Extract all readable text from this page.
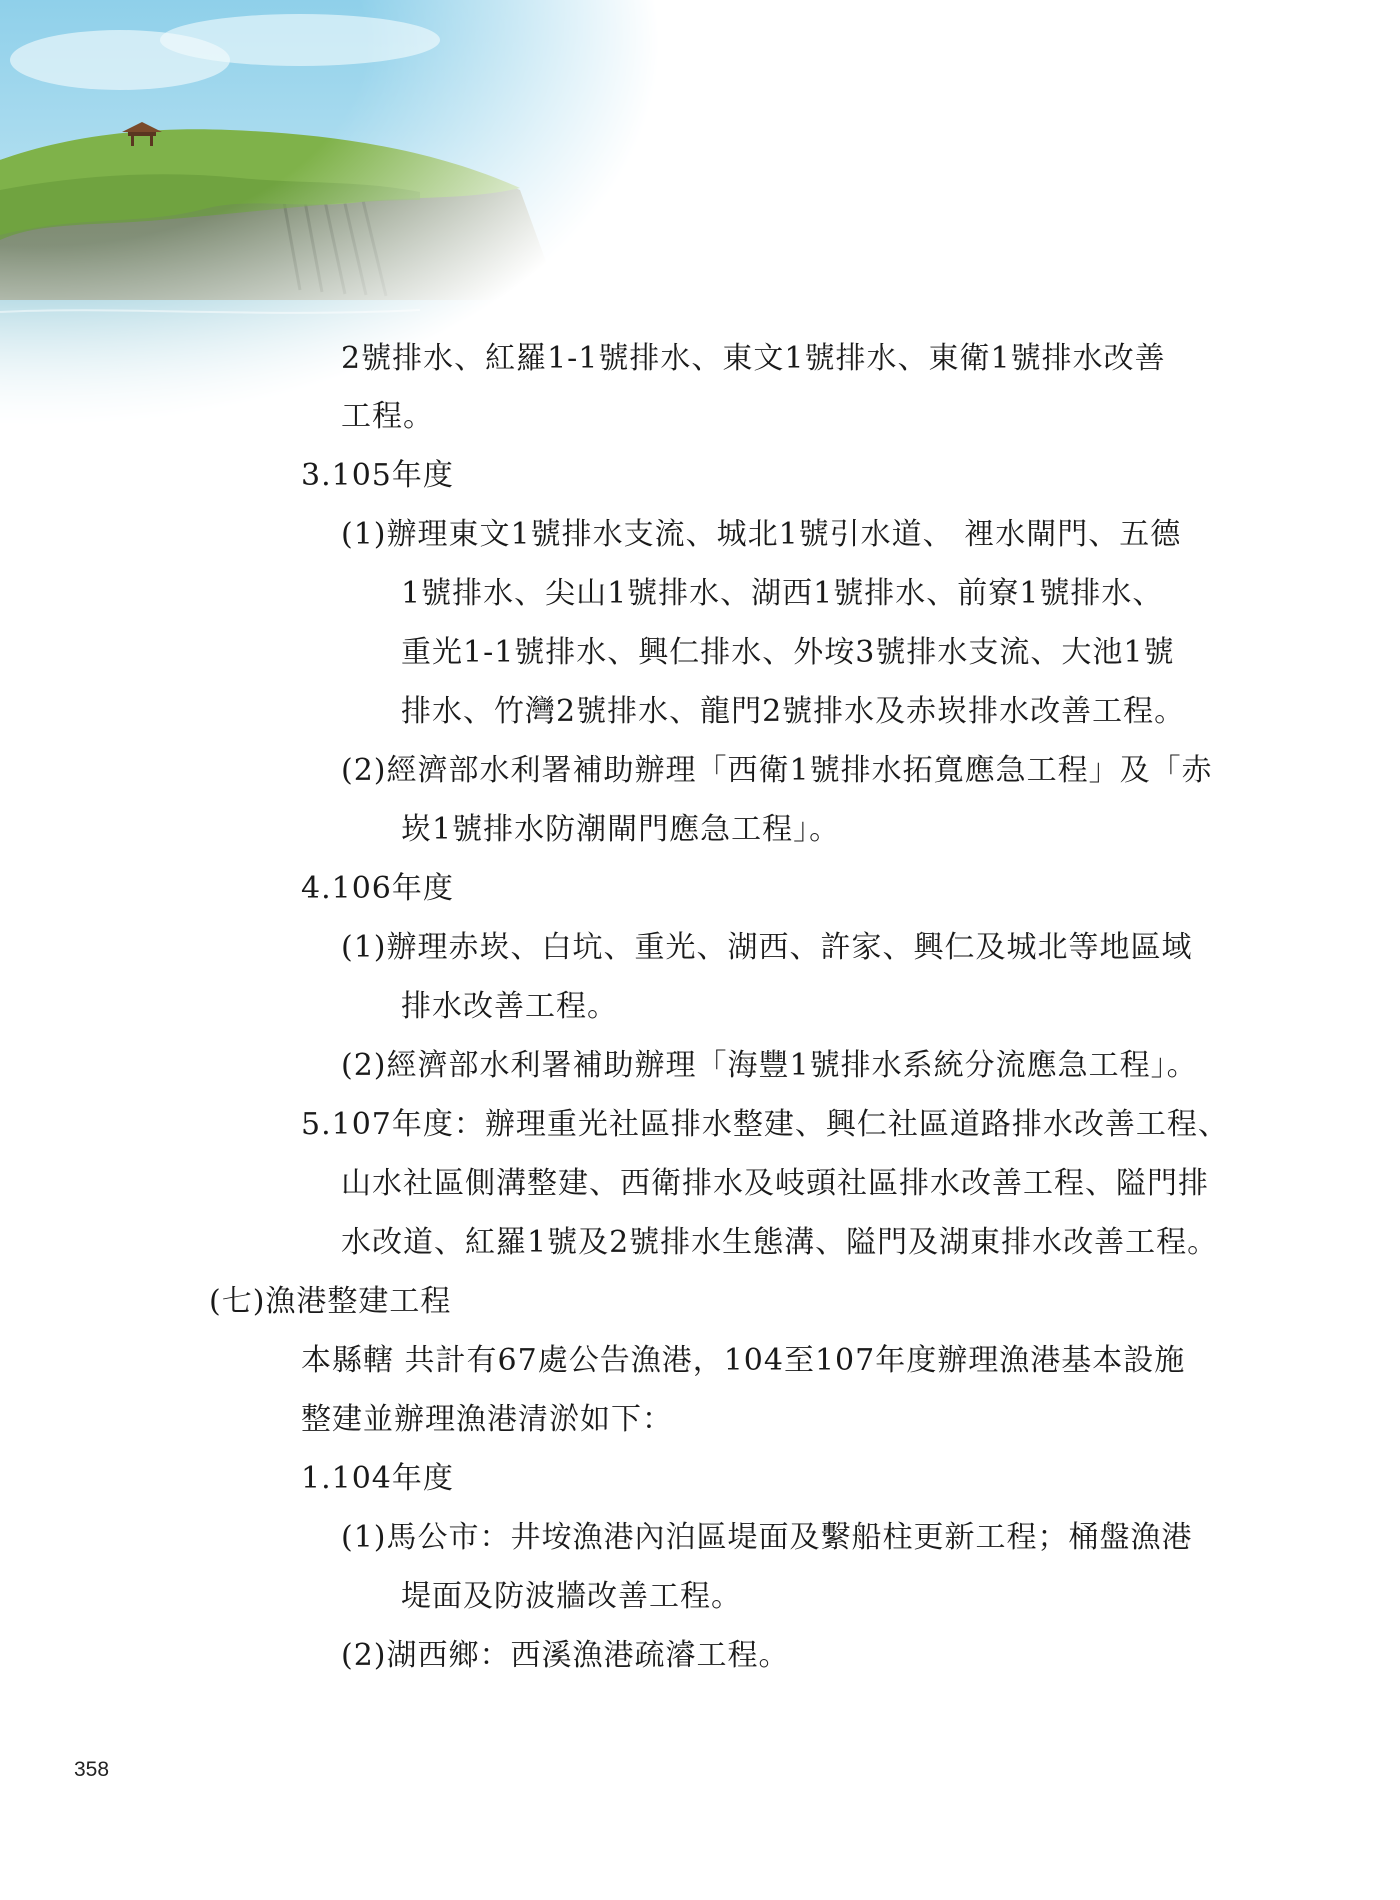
2號排水、紅羅1-1號排水、東文1號排水、東衛1號排水改善
工程。
3.105年度
(1)辦理東文1號排水支流、城北1號引水道、 裡水閘門、五德
1號排水、尖山1號排水、湖西1號排水、前寮1號排水、
重光1-1號排水、興仁排水、外垵3號排水支流、大池1號
排水、竹灣2號排水、龍門2號排水及赤崁排水改善工程。
(2)經濟部水利署補助辦理「西衛1號排水拓寬應急工程」及「赤
崁1號排水防潮閘門應急工程」。
4.106年度
(1)辦理赤崁、白坑、重光、湖西、許家、興仁及城北等地區域
排水改善工程。
(2)經濟部水利署補助辦理「海豐1號排水系統分流應急工程」。
5.107年度：辦理重光社區排水整建、興仁社區道路排水改善工程、
山水社區側溝整建、西衛排水及岐頭社區排水改善工程、隘門排
水改道、紅羅1號及2號排水生態溝、隘門及湖東排水改善工程。
(七)漁港整建工程
本縣轄 共計有67處公告漁港，104至107年度辦理漁港基本設施
整建並辦理漁港清淤如下：
1.104年度
(1)馬公市：井垵漁港內泊區堤面及繫船柱更新工程；桶盤漁港
堤面及防波牆改善工程。
(2)湖西鄉：西溪漁港疏濬工程。
358
